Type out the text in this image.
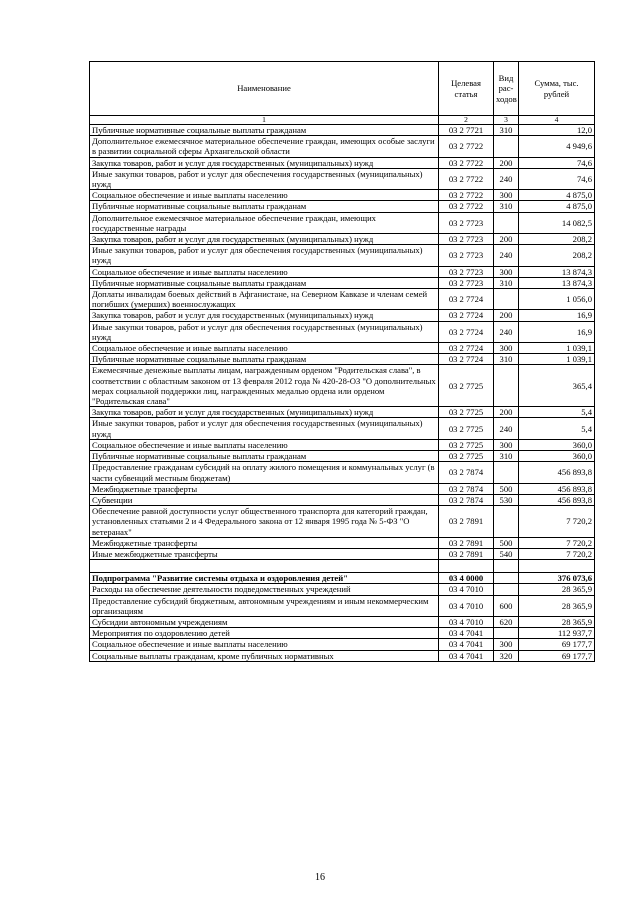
Наименование	Целевая статья	Вид рас-ходов	Сумма, тыс. рублей
1	2	3	4
Публичные нормативные социальные выплаты гражданам	03 2 7721	310	12,0
Дополнительное ежемесячное материальное обеспечение граждан, имеющих особые заслуги в развитии социальной сферы Архангельской области	03 2 7722		4 949,6
Закупка товаров, работ и услуг для государственных (муниципальных) нужд	03 2 7722	200	74,6
Иные закупки товаров, работ и услуг для обеспечения государственных (муниципальных) нужд	03 2 7722	240	74,6
Социальное обеспечение и иные выплаты населению	03 2 7722	300	4 875,0
Публичные нормативные социальные выплаты гражданам	03 2 7722	310	4 875,0
Дополнительное ежемесячное материальное обеспечение граждан, имеющих государственные награды	03 2 7723		14 082,5
Закупка товаров, работ и услуг для государственных (муниципальных) нужд	03 2 7723	200	208,2
Иные закупки товаров, работ и услуг для обеспечения государственных (муниципальных) нужд	03 2 7723	240	208,2
Социальное обеспечение и иные выплаты населению	03 2 7723	300	13 874,3
Публичные нормативные социальные выплаты гражданам	03 2 7723	310	13 874,3
Доплаты инвалидам боевых действий в Афганистане, на Северном Кавказе и членам семей погибших (умерших) военнослужащих	03 2 7724		1 056,0
Закупка товаров, работ и услуг для государственных (муниципальных) нужд	03 2 7724	200	16,9
Иные закупки товаров, работ и услуг для обеспечения государственных (муниципальных) нужд	03 2 7724	240	16,9
Социальное обеспечение и иные выплаты населению	03 2 7724	300	1 039,1
Публичные нормативные социальные выплаты гражданам	03 2 7724	310	1 039,1
Ежемесячные денежные выплаты лицам, награжденным орденом "Родительская слава", в соответствии с областным законом от 13 февраля 2012 года № 420-28-ОЗ "О дополнительных мерах социальной поддержки лиц, награжденных медалью ордена или орденом "Родительская слава"	03 2 7725		365,4
Закупка товаров, работ и услуг для государственных (муниципальных) нужд	03 2 7725	200	5,4
Иные закупки товаров, работ и услуг для обеспечения государственных (муниципальных) нужд	03 2 7725	240	5,4
Социальное обеспечение и иные выплаты населению	03 2 7725	300	360,0
Публичные нормативные социальные выплаты гражданам	03 2 7725	310	360,0
Предоставление гражданам субсидий на оплату жилого помещения и коммунальных услуг (в части субвенций местным бюджетам)	03 2 7874		456 893,8
Межбюджетные трансферты	03 2 7874	500	456 893,8
Субвенции	03 2 7874	530	456 893,8
Обеспечение равной доступности услуг общественного транспорта для категорий граждан, установленных статьями 2 и 4 Федерального закона от 12 января 1995 года № 5-ФЗ "О ветеранах"	03 2 7891		7 720,2
Межбюджетные трансферты	03 2 7891	500	7 720,2
Иные межбюджетные трансферты	03 2 7891	540	7 720,2

Подпрограмма "Развитие системы отдыха и оздоровления детей"	03 4 0000		376 073,6
Расходы на обеспечение деятельности подведомственных учреждений	03 4 7010		28 365,9
Предоставление субсидий бюджетным, автономным учреждениям и иным некоммерческим организациям	03 4 7010	600	28 365,9
Субсидии автономным учреждениям	03 4 7010	620	28 365,9
Мероприятия по оздоровлению детей	03 4 7041		112 937,7
Социальное обеспечение и иные выплаты населению	03 4 7041	300	69 177,7
Социальные выплаты гражданам, кроме публичных нормативных	03 4 7041	320	69 177,7
16
